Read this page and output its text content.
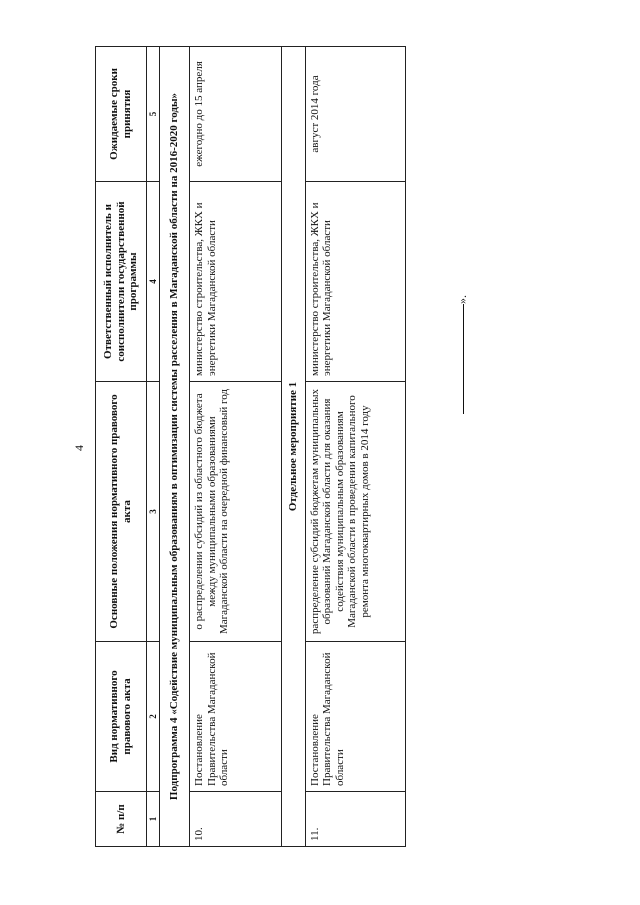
4
№ п/п	Вид нормативного правового акта	Основные положения нормативного правового акта	Ответственный исполнитель и соисполнители государственной программы	Ожидаемые сроки принятия
1	2	3	4	5
Подпрограмма 4 «Содействие муниципальным образованиям в оптимизации системы расселения в Магаданской области на 2016-2020 годы»				
10.	Постановление Правительства Магаданской области	о распределении субсидий из областного бюджета между муниципальными образованиями Магаданской области на очередной финансовый год	министерство строительства, ЖКХ и энергетики Магаданской области	ежегодно до 15 апреля
Отдельное мероприятие 1				
11.	Постановление Правительства Магаданской области	распределение субсидий бюджетам муниципальных образований Магаданской области для оказания содействия муниципальным образованиям Магаданской области в проведении капитального ремонта многоквартирных домов в 2014 году	министерство строительства, ЖКХ и энергетики Магаданской области	август 2014 года
».
